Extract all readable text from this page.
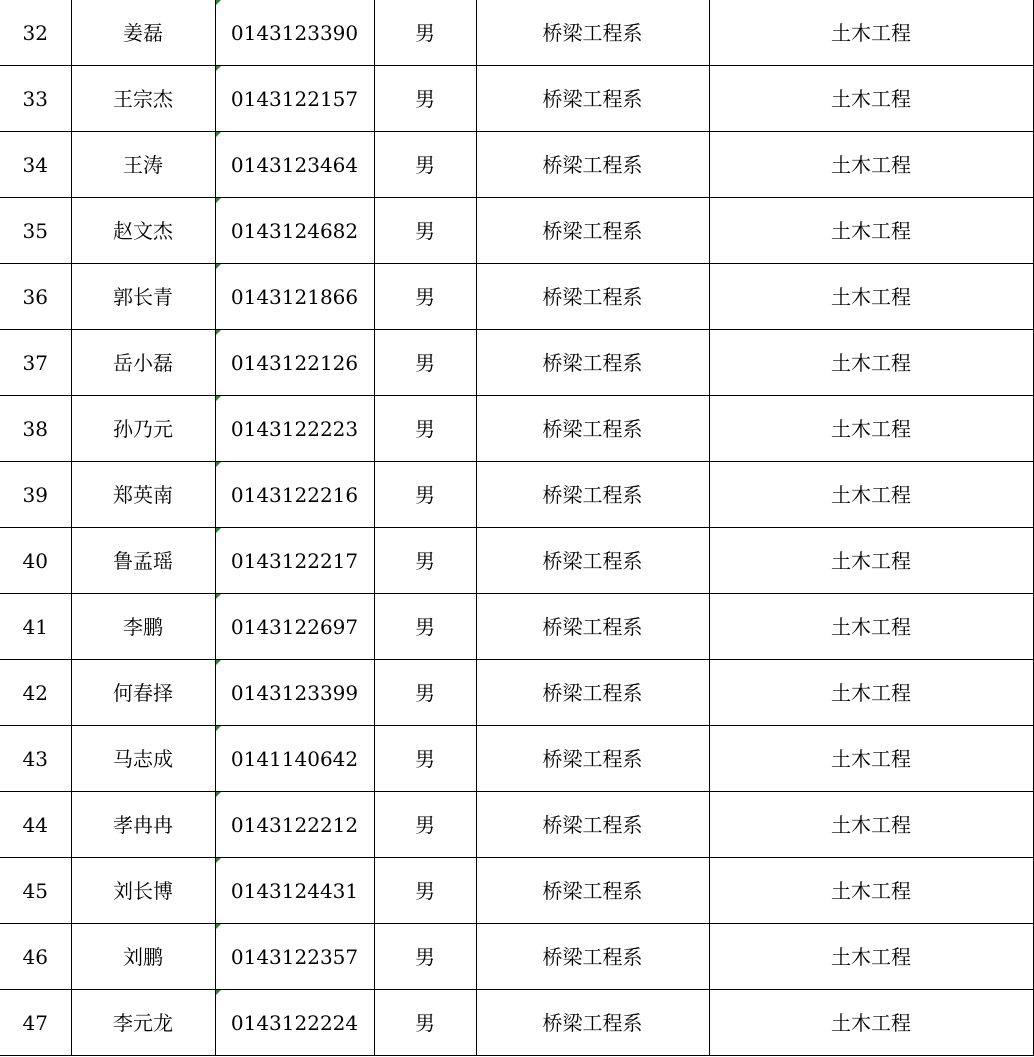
32	姜磊	0143123390	男	桥梁工程系	土木工程
33	王宗杰	0143122157	男	桥梁工程系	土木工程
34	王涛	0143123464	男	桥梁工程系	土木工程
35	赵文杰	0143124682	男	桥梁工程系	土木工程
36	郭长青	0143121866	男	桥梁工程系	土木工程
37	岳小磊	0143122126	男	桥梁工程系	土木工程
38	孙乃元	0143122223	男	桥梁工程系	土木工程
39	郑英南	0143122216	男	桥梁工程系	土木工程
40	鲁孟瑶	0143122217	男	桥梁工程系	土木工程
41	李鹏	0143122697	男	桥梁工程系	土木工程
42	何春择	0143123399	男	桥梁工程系	土木工程
43	马志成	0141140642	男	桥梁工程系	土木工程
44	孝冉冉	0143122212	男	桥梁工程系	土木工程
45	刘长博	0143124431	男	桥梁工程系	土木工程
46	刘鹏	0143122357	男	桥梁工程系	土木工程
47	李元龙	0143122224	男	桥梁工程系	土木工程
